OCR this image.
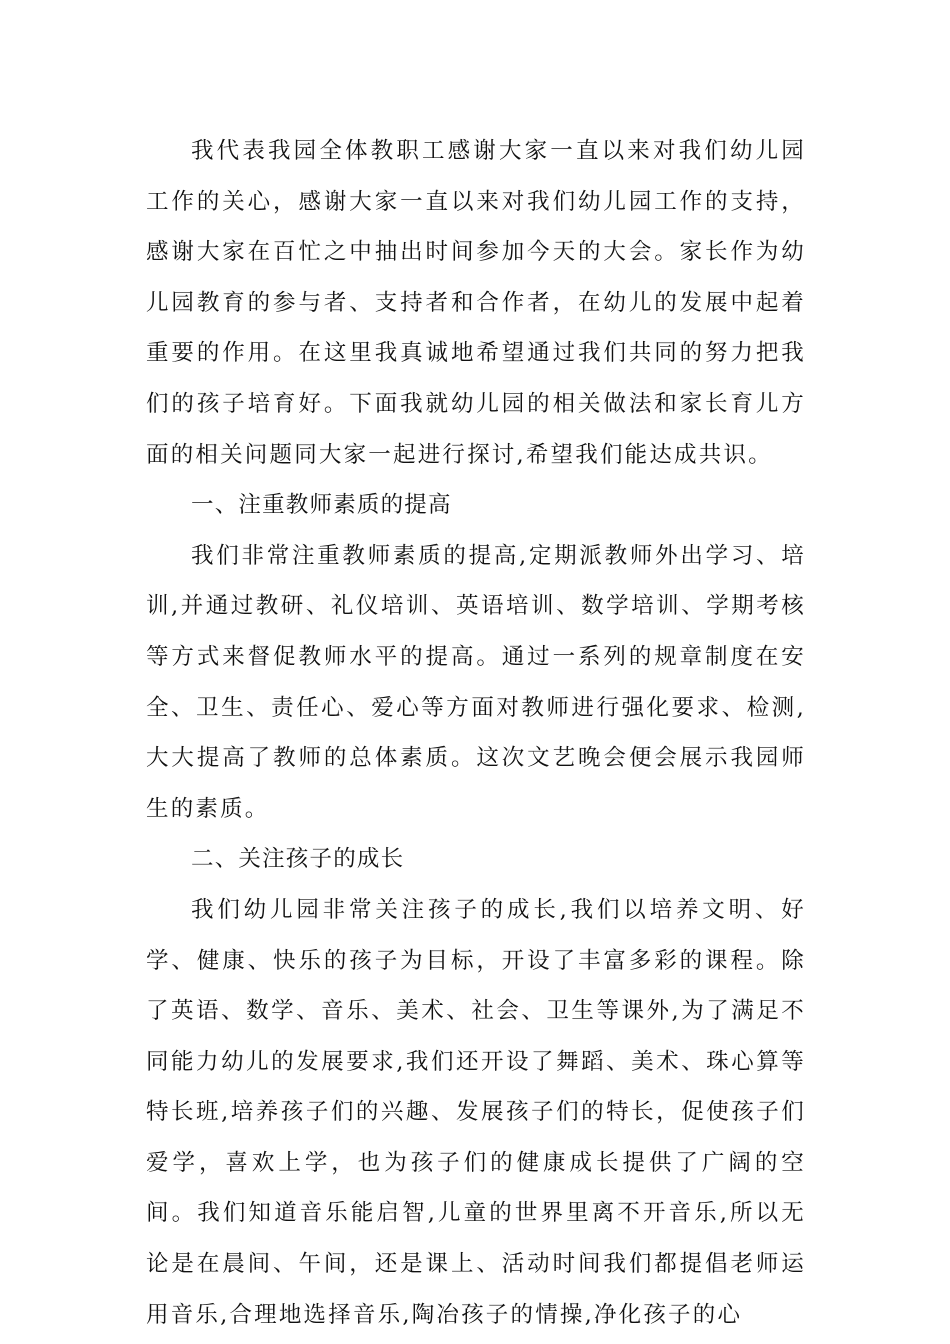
我代表我园全体教职工感谢大家一直以来对我们幼儿园工作的关心，感谢大家一直以来对我们幼儿园工作的支持，感谢大家在百忙之中抽出时间参加今天的大会。家长作为幼儿园教育的参与者、支持者和合作者，在幼儿的发展中起着重要的作用。在这里我真诚地希望通过我们共同的努力把我们的孩子培育好。下面我就幼儿园的相关做法和家长育儿方面的相关问题同大家一起进行探讨,希望我们能达成共识。

一、注重教师素质的提高

我们非常注重教师素质的提高,定期派教师外出学习、培训,并通过教研、礼仪培训、英语培训、数学培训、学期考核等方式来督促教师水平的提高。通过一系列的规章制度在安全、卫生、责任心、爱心等方面对教师进行强化要求、检测,大大提高了教师的总体素质。这次文艺晚会便会展示我园师生的素质。

二、关注孩子的成长

我们幼儿园非常关注孩子的成长,我们以培养文明、好学、健康、快乐的孩子为目标，开设了丰富多彩的课程。除了英语、数学、音乐、美术、社会、卫生等课外,为了满足不同能力幼儿的发展要求,我们还开设了舞蹈、美术、珠心算等特长班,培养孩子们的兴趣、发展孩子们的特长，促使孩子们爱学，喜欢上学，也为孩子们的健康成长提供了广阔的空间。我们知道音乐能启智,儿童的世界里离不开音乐,所以无论是在晨间、午间，还是课上、活动时间我们都提倡老师运用音乐,合理地选择音乐,陶冶孩子的情操,净化孩子的心
